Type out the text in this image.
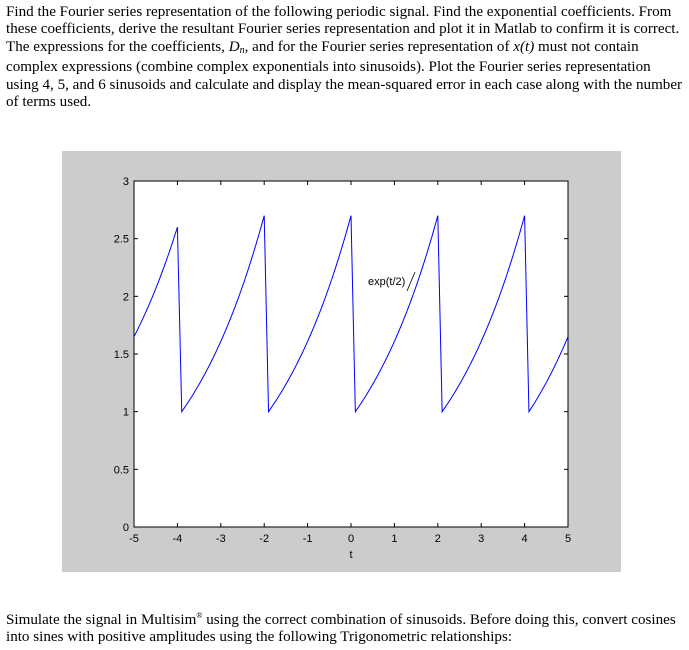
Find the Fourier series representation of the following periodic signal. Find the exponential coefficients. From these coefficients, derive the resultant Fourier series representation and plot it in Matlab to confirm it is correct. The expressions for the coefficients, $D_n$, and for the Fourier series representation of x(t) must not contain complex expressions (combine complex exponentials into sinusoids). Plot the Fourier series representation using 4, 5, and 6 sinusoids and calculate and display the mean-squared error in each case along with the number of terms used.
-5	-4	-3	-2	-1	0	1	2	3	4	5
0
0.5
1
1.5
2
2.5
3
t
exp(t/2)
Simulate the signal in Multisim® using the correct combination of sinusoids. Before doing this, convert cosines into sines with positive amplitudes using the following Trigonometric relationships:
